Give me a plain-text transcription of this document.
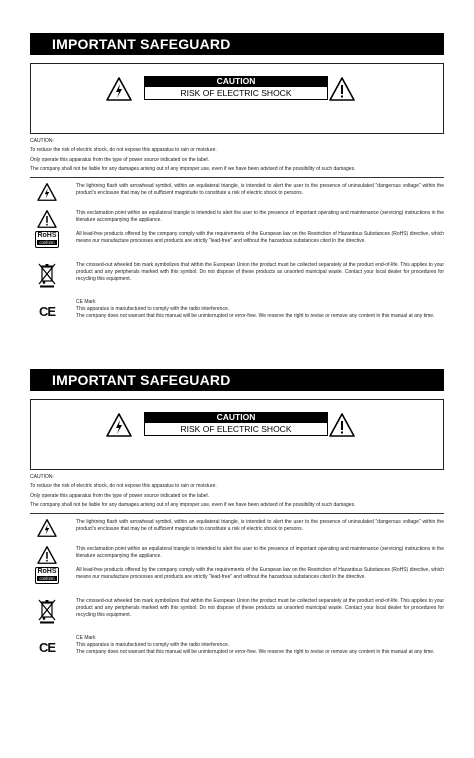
IMPORTANT SAFEGUARD
CAUTION
RISK OF ELECTRIC SHOCK
CAUTION:
To reduce the risk of electric shock, do not expose this apparatus to rain or moisture.
Only operate this apparatus from the type of power source indicated on the label.
The company shall not be liable for any damages arising out of any improper use, even if we have been advised of the possibility of such damages.
The lightning flash with arrowhead symbol, within an equilateral triangle, is intended to alert the user to the presence of uninsulated "dangerous voltage" within the product's enclosure that may be of sufficient magnitude to constitute a risk of electric shock to persons.
This exclamation point within an equilateral triangle is intended to alert the user to the presence of important operating and maintenance (servicing) instructions in the literature accompanying the appliance.
RoHS
conform
All lead-free products offered by the company comply with the requirements of the European law on the Restriction of Hazardous Substances (RoHS) directive, which means our manufacture processes and products are strictly "lead-free" and without the hazardous substances cited in the directive.
The crossed-out wheeled bin mark symbolizes that within the European Union the product must be collected separately at the product end-of-life. This applies to your product and any peripherals marked with this symbol. Do not dispose of these products as unsorted municipal waste. Contact your local dealer for procedures for recycling this equipment.
CE
CE Mark
This apparatus is manufactured to comply with the radio interference.
The company does not warrant that this manual will be uninterrupted or error-free. We reserve the right to revise or remove any content in this manual at any time.
IMPORTANT SAFEGUARD
CAUTION
RISK OF ELECTRIC SHOCK
CAUTION:
To reduce the risk of electric shock, do not expose this apparatus to rain or moisture.
Only operate this apparatus from the type of power source indicated on the label.
The company shall not be liable for any damages arising out of any improper use, even if we have been advised of the possibility of such damages.
The lightning flash with arrowhead symbol, within an equilateral triangle, is intended to alert the user to the presence of uninsulated "dangerous voltage" within the product's enclosure that may be of sufficient magnitude to constitute a risk of electric shock to persons.
This exclamation point within an equilateral triangle is intended to alert the user to the presence of important operating and maintenance (servicing) instructions in the literature accompanying the appliance.
RoHS
conform
All lead-free products offered by the company comply with the requirements of the European law on the Restriction of Hazardous Substances (RoHS) directive, which means our manufacture processes and products are strictly "lead-free" and without the hazardous substances cited in the directive.
The crossed-out wheeled bin mark symbolizes that within the European Union the product must be collected separately at the product end-of-life. This applies to your product and any peripherals marked with this symbol. Do not dispose of these products as unsorted municipal waste. Contact your local dealer for procedures for recycling this equipment.
CE
CE Mark
This apparatus is manufactured to comply with the radio interference.
The company does not warrant that this manual will be uninterrupted or error-free. We reserve the right to revise or remove any content in this manual at any time.
